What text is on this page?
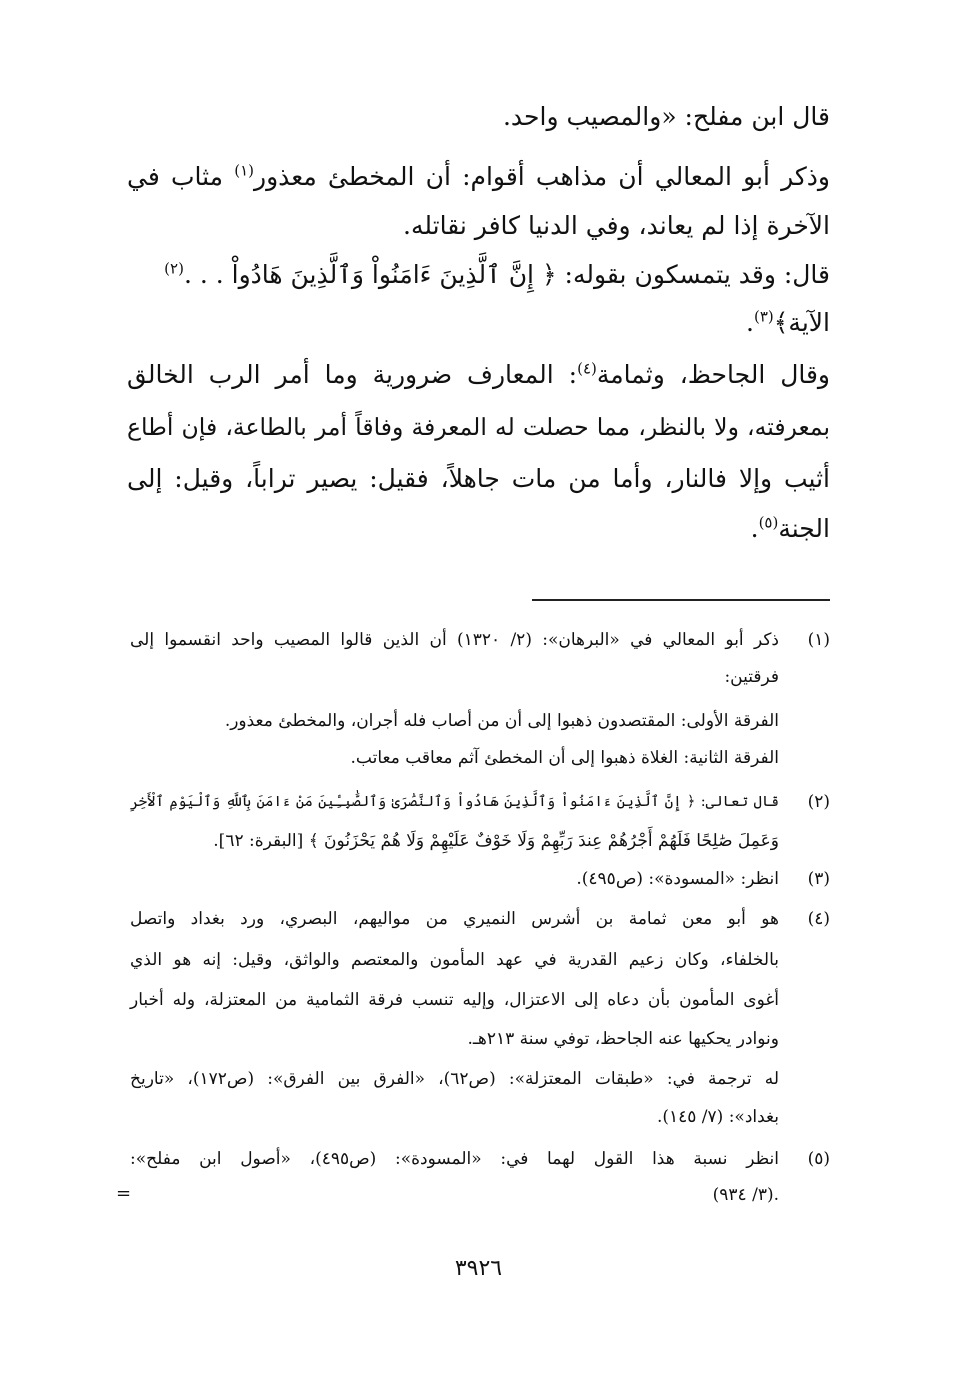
قال ابن مفلح: «والمصيب واحد.
وذكر أبو المعالي أن مذاهب أقوام: أن المخطئ معذور$^{(١)}$ مثاب في
الآخرة إذا لم يعاند، وفي الدنيا كافر نقاتله.
قال: وقد يتمسكون بقوله: ﴿ إِنَّ ٱلَّذِينَ ءَامَنُواْ وَٱلَّذِينَ هَادُواْ . . .$^{(٢)}$
الآية﴾$^{(٣)}$.
وقال الجاحظ، وثمامة$^{(٤)}$: المعارف ضرورية وما أمر الرب الخالق
بمعرفته، ولا بالنظر، مما حصلت له المعرفة وفاقاً أمر بالطاعة، فإن أطاع
أثيب وإلا فالنار، وأما من مات جاهلاً، فقيل: يصير تراباً، وقيل: إلى
الجنة$^{(٥)}$.
(١)
ذكر أبو المعالي في «البرهان»: (٢/ ١٣٢٠) أن الذين قالوا المصيب واحد انقسموا إلى
فرقتين:
الفرقة الأولى: المقتصدون ذهبوا إلى أن من أصاب فله أجران، والمخطئ معذور.
الفرقة الثانية: الغلاة ذهبوا إلى أن المخطئ آثم معاقب معاتب.
(٢)
قال تعالى: ﴿ إِنَّ ٱلَّذِينَ ءَامَنُواْ وَٱلَّذِينَ هَادُواْ وَٱلنَّصَٰرَىٰ وَٱلصَّٰبِـِٔينَ مَنْ ءَامَنَ بِٱللَّهِ وَٱلْيَوْمِ ٱلْأَخِرِ
وَعَمِلَ صَٰلِحًا فَلَهُمْ أَجْرُهُمْ عِندَ رَبِّهِمْ وَلَا خَوْفٌ عَلَيْهِمْ وَلَا هُمْ يَحْزَنُونَ ﴾ [البقرة: ٦٢].
(٣)
انظر: «المسودة»: (ص٤٩٥).
(٤)
هو أبو معن ثمامة بن أشرس النميري من مواليهم، البصري، ورد بغداد واتصل
بالخلفاء، وكان زعيم القدرية في عهد المأمون والمعتصم والواثق، وقيل: إنه هو الذي
أغوى المأمون بأن دعاه إلى الاعتزال، وإليه تنسب فرقة الثمامية من المعتزلة، وله أخبار
ونوادر يحكيها عنه الجاحظ، توفي سنة ٢١٣هـ.
له ترجمة في: «طبقات المعتزلة»: (ص٦٢)، «الفرق بين الفرق»: (ص١٧٢)، «تاريخ
بغداد»: (٧/ ١٤٥).
(٥)
انظر نسبة هذا القول لهما في: «المسودة»: (ص٤٩٥)، «أصول ابن مفلح»:
(٣/ ٩٣٤).
=
٣٩٢٦
